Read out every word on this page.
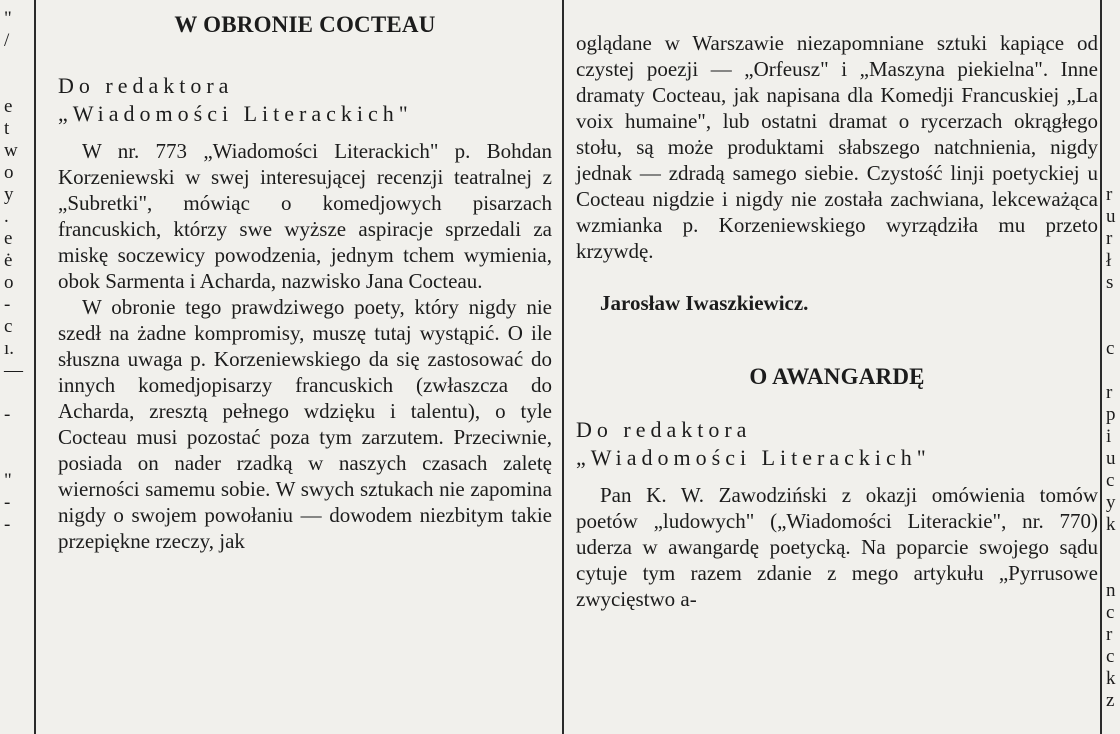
"
/

e
t
w
o
y
.
e
ė
o
-
c
ı.
—

-

"
-
-
W OBRONIE COCTEAU

Do redaktora

„Wiadomości Literackich"

W nr. 773 „Wiadomości Literackich" p. Bohdan Korzeniewski w swej interesującej recenzji teatralnej z „Subretki", mówiąc o komedjowych pisarzach francuskich, którzy swe wyższe aspiracje sprzedali za miskę soczewicy powodzenia, jednym tchem wymienia, obok Sarmenta i Acharda, nazwisko Jana Cocteau.

W obronie tego prawdziwego poety, który nigdy nie szedł na żadne kompromisy, muszę tutaj wystąpić. O ile słuszna uwaga p. Korzeniewskiego da się zastosować do innych komedjopisarzy francuskich (zwłaszcza do Acharda, zresztą pełnego wdzięku i talentu), o tyle Cocteau musi pozostać poza tym zarzutem. Przeciwnie, posiada on nader rzadką w naszych czasach zaletę wierności samemu sobie. W swych sztukach nie zapomina nigdy o swojem powołaniu — dowodem niezbitym takie przepiękne rzeczy, jak

oglądane w Warszawie niezapomniane sztuki kapiące od czystej poezji — „Orfeusz" i „Maszyna piekielna". Inne dramaty Cocteau, jak napisana dla Komedji Francuskiej „La voix humaine", lub ostatni dramat o rycerzach okrągłego stołu, są może produktami słabszego natchnienia, nigdy jednak — zdradą samego siebie. Czystość linji poetyckiej u Cocteau nigdzie i nigdy nie została zachwiana, lekceważąca wzmianka p. Korzeniewskiego wyrządziła mu przeto krzywdę.

Jarosław Iwaszkiewicz.

O AWANGARDĘ

Do redaktora

„Wiadomości Literackich"

Pan K. W. Zawodziński z okazji omówienia tomów poetów „ludowych" („Wiadomości Literackie", nr. 770) uderza w awangardę poetycką. Na poparcie swojego sądu cytuje tym razem zdanie z mego artykułu „Pyrrusowe zwycięstwo a-

r
u
r
ł
s

c

r
p
i
u
c
y
k

n
c
r
c
k
z
